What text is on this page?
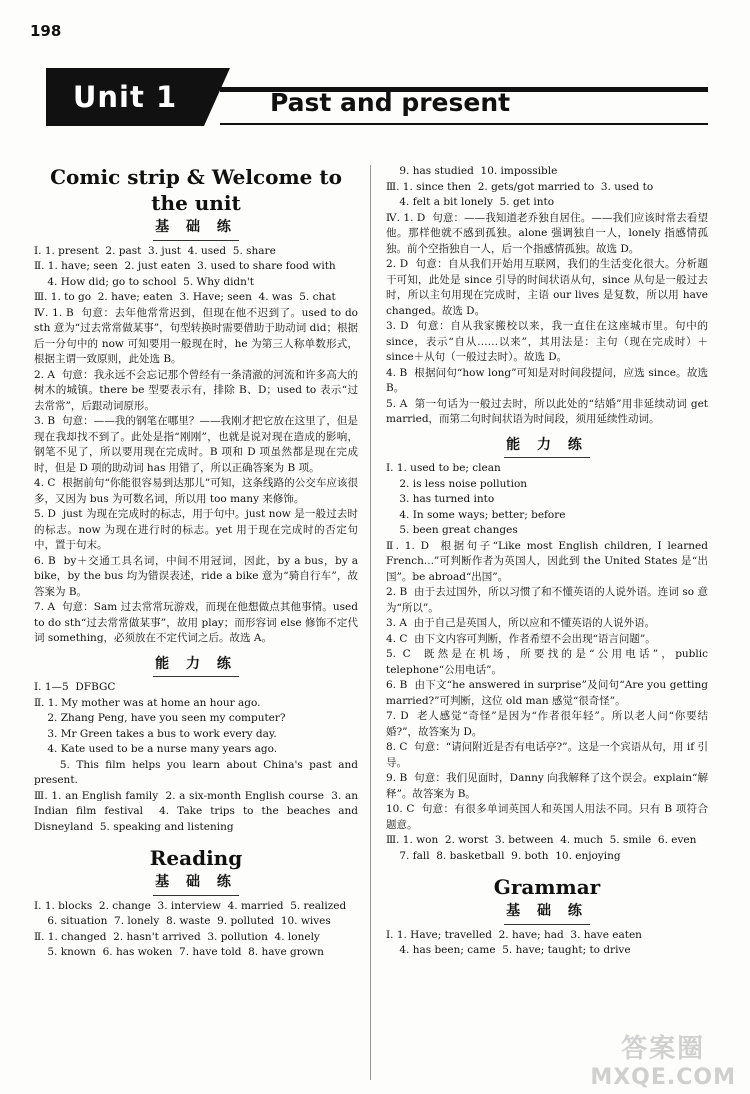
198
Unit 1	Past and present
Comic strip & Welcome to the unit
基 础 练

Ⅰ. 1. present  2. past  3. just  4. used  5. share

Ⅱ. 1. have; seen  2. just eaten  3. used to share food with

4. How did; go to school  5. Why didn't

Ⅲ. 1. to go  2. have; eaten  3. Have; seen  4. was  5. chat

Ⅳ. 1. B  句意：去年他常常迟到，但现在他不迟到了。used to do sth 意为“过去常常做某事”，句型转换时需要借助于助动词 did；根据后一分句中的 now 可知要用一般现在时，he 为第三人称单数形式，根据主谓一致原则，此处选 B。

2. A  句意：我永远不会忘记那个曾经有一条清澈的河流和许多高大的树木的城镇。there be 型要表示有，排除 B、D；used to 表示“过去常常”，后跟动词原形。

3. B  句意：——我的钢笔在哪里？——我刚才把它放在这里了，但是现在我却找不到了。此处是指“刚刚”，也就是说对现在造成的影响，钢笔不见了，所以要用现在完成时。B 项和 D 项虽然都是现在完成时，但是 D 项的助动词 has 用错了，所以正确答案为 B 项。

4. C  根据前句“你能很容易到达那儿”可知，这条线路的公交车应该很多，又因为 bus 为可数名词，所以用 too many 来修饰。

5. D  just 为现在完成时的标志，用于句中。just now 是一般过去时的标志。now 为现在进行时的标志。yet 用于现在完成时的否定句中，置于句末。

6. B  by＋交通工具名词，中间不用冠词，因此，by a bus，by a bike，by the bus 均为错误表述，ride a bike 意为“骑自行车”，故答案为 B。

7. A  句意：Sam 过去常常玩游戏，而现在他想做点其他事情。used to do sth“过去常常做某事”，故用 play；而形容词 else 修饰不定代词 something，必须放在不定代词之后。故选 A。

能 力 练

Ⅰ. 1—5  DFBGC

Ⅱ. 1. My mother was at home an hour ago.

2. Zhang Peng, have you seen my computer?

3. Mr Green takes a bus to work every day.

4. Kate used to be a nurse many years ago.

5. This film helps you learn about China's past and present.

Ⅲ. 1. an English family  2. a six-month English course  3. an Indian film festival  4. Take trips to the beaches and Disneyland  5. speaking and listening

Reading
基 础 练

Ⅰ. 1. blocks  2. change  3. interview  4. married  5. realized

6. situation  7. lonely  8. waste  9. polluted  10. wives

Ⅱ. 1. changed  2. hasn't arrived  3. pollution  4. lonely

5. known  6. has woken  7. have told  8. have grown

9. has studied  10. impossible

Ⅲ. 1. since then  2. gets/got married to  3. used to

4. felt a bit lonely  5. get into

Ⅳ. 1. D  句意：——我知道老乔独自居住。——我们应该时常去看望他。那样他就不感到孤独。alone 强调独自一人，lonely 指感情孤独。前个空指独自一人，后一个指感情孤独。故选 D。

2. D  句意：自从我们开始用互联网，我们的生活变化很大。分析题干可知，此处是 since 引导的时间状语从句，since 从句是一般过去时，所以主句用现在完成时，主语 our lives 是复数，所以用 have changed。故选 D。

3. D  句意：自从我家搬校以来，我一直住在这座城市里。句中的 since，表示“自从……以来”，其用法是：主句（现在完成时）＋ since＋从句（一般过去时）。故选 D。

4. B  根据问句“how long”可知是对时间段提问，应选 since。故选 B。

5. A  第一句话为一般过去时，所以此处的“结婚”用非延续动词 get married，而第二句时间状语为时间段，须用延续性动词。

能 力 练

Ⅰ. 1. used to be; clean

2. is less noise pollution

3. has turned into

4. In some ways; better; before

5. been great changes

Ⅱ. 1. D  根据句子“Like most English children, I learned French...”可判断作者为英国人，因此到 the United States 是“出国”。be abroad“出国”。

2. B  由于去过国外，所以习惯了和不懂英语的人说外语。连词 so 意为“所以”。

3. A  由于自己是英国人，所以应和不懂英语的人说外语。

4. C  由下文内容可判断，作者希望不会出现“语言问题”。

5. C  既然是在机场，所要找的是“公用电话”，public telephone“公用电话”。

6. B  由下文“he answered in surprise”及问句“Are you getting married?”可判断，这位 old man 感觉“很奇怪”。

7. D  老人感觉“奇怪”是因为“作者很年轻”。所以老人问“你要结婚?”，故答案为 D。

8. C  句意：“请问附近是否有电话亭?”。这是一个宾语从句，用 if 引导。

9. B  句意：我们见面时，Danny 向我解释了这个误会。explain“解释”。故答案为 B。

10. C  句意：有很多单词英国人和英国人用法不同。只有 B 项符合题意。

Ⅲ. 1. won  2. worst  3. between  4. much  5. smile  6. even

7. fall  8. basketball  9. both  10. enjoying

Grammar
基 础 练

Ⅰ. 1. Have; travelled  2. have; had  3. have eaten

4. has been; came  5. have; taught; to drive

答案圈
MXQE.COM
